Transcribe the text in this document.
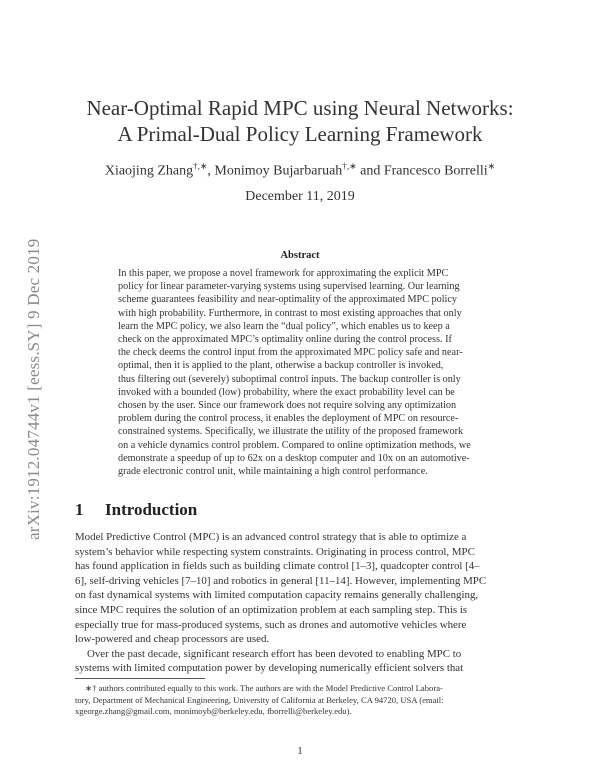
arXiv:1912.04744v1 [eess.SY] 9 Dec 2019
Near-Optimal Rapid MPC using Neural Networks:
A Primal-Dual Policy Learning Framework
Xiaojing Zhang†,∗, Monimoy Bujarbaruah†,∗ and Francesco Borrelli∗
December 11, 2019
Abstract
In this paper, we propose a novel framework for approximating the explicit MPC
policy for linear parameter-varying systems using supervised learning. Our learning
scheme guarantees feasibility and near-optimality of the approximated MPC policy
with high probability. Furthermore, in contrast to most existing approaches that only
learn the MPC policy, we also learn the “dual policy”, which enables us to keep a
check on the approximated MPC’s optimality online during the control process. If
the check deems the control input from the approximated MPC policy safe and near-
optimal, then it is applied to the plant, otherwise a backup controller is invoked,
thus filtering out (severely) suboptimal control inputs. The backup controller is only
invoked with a bounded (low) probability, where the exact probability level can be
chosen by the user. Since our framework does not require solving any optimization
problem during the control process, it enables the deployment of MPC on resource-
constrained systems. Specifically, we illustrate the utility of the proposed framework
on a vehicle dynamics control problem. Compared to online optimization methods, we
demonstrate a speedup of up to 62x on a desktop computer and 10x on an automotive-
grade electronic control unit, while maintaining a high control performance.
1 Introduction
Model Predictive Control (MPC) is an advanced control strategy that is able to optimize a
system’s behavior while respecting system constraints. Originating in process control, MPC
has found application in fields such as building climate control [1–3], quadcopter control [4–
6], self-driving vehicles [7–10] and robotics in general [11–14]. However, implementing MPC
on fast dynamical systems with limited computation capacity remains generally challenging,
since MPC requires the solution of an optimization problem at each sampling step. This is
especially true for mass-produced systems, such as drones and automotive vehicles where
low-powered and cheap processors are used.
Over the past decade, significant research effort has been devoted to enabling MPC to
systems with limited computation power by developing numerically efficient solvers that
∗† authors contributed equally to this work. The authors are with the Model Predictive Control Labora-
tory, Department of Mechanical Engineering, University of California at Berkeley, CA 94720, USA (email:
xgeorge.zhang@gmail.com, monimoyb@berkeley.edu, fborrelli@berkeley.edu).
1
